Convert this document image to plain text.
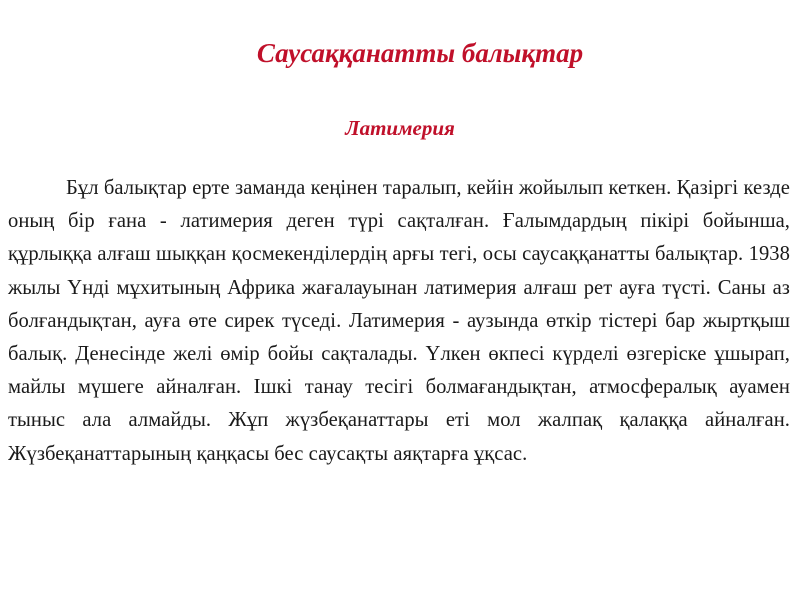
Саусаққанатты балықтар
Латимерия

Бұл балықтар ерте заманда кеңінен таралып, кейін жойылып кеткен. Қазіргі кезде оның бір ғана - латимерия деген түрі сақталған. Ғалымдардың пікірі бойынша, құрлыққа алғаш шыққан қосмекенділердің арғы тегі, осы саусаққанатты балықтар. 1938 жылы Үнді мұхитының Африка жағалауынан латимерия алғаш рет ауға түсті. Саны аз болғандықтан, ауға өте сирек түседі. Латимерия - аузында өткір тістері бар жыртқыш балық. Денесінде желі өмір бойы сақталады. Үлкен өкпесі күрделі өзгеріске ұшырап, майлы мүшеге айналған. Ішкі танау тесігі болмағандықтан, атмосфералық ауамен тыныс ала алмайды. Жұп жүзбеқанаттары еті мол жалпақ қалаққа айналған. Жүзбеқанаттарының қаңқасы бес саусақты аяқтарға ұқсас.
